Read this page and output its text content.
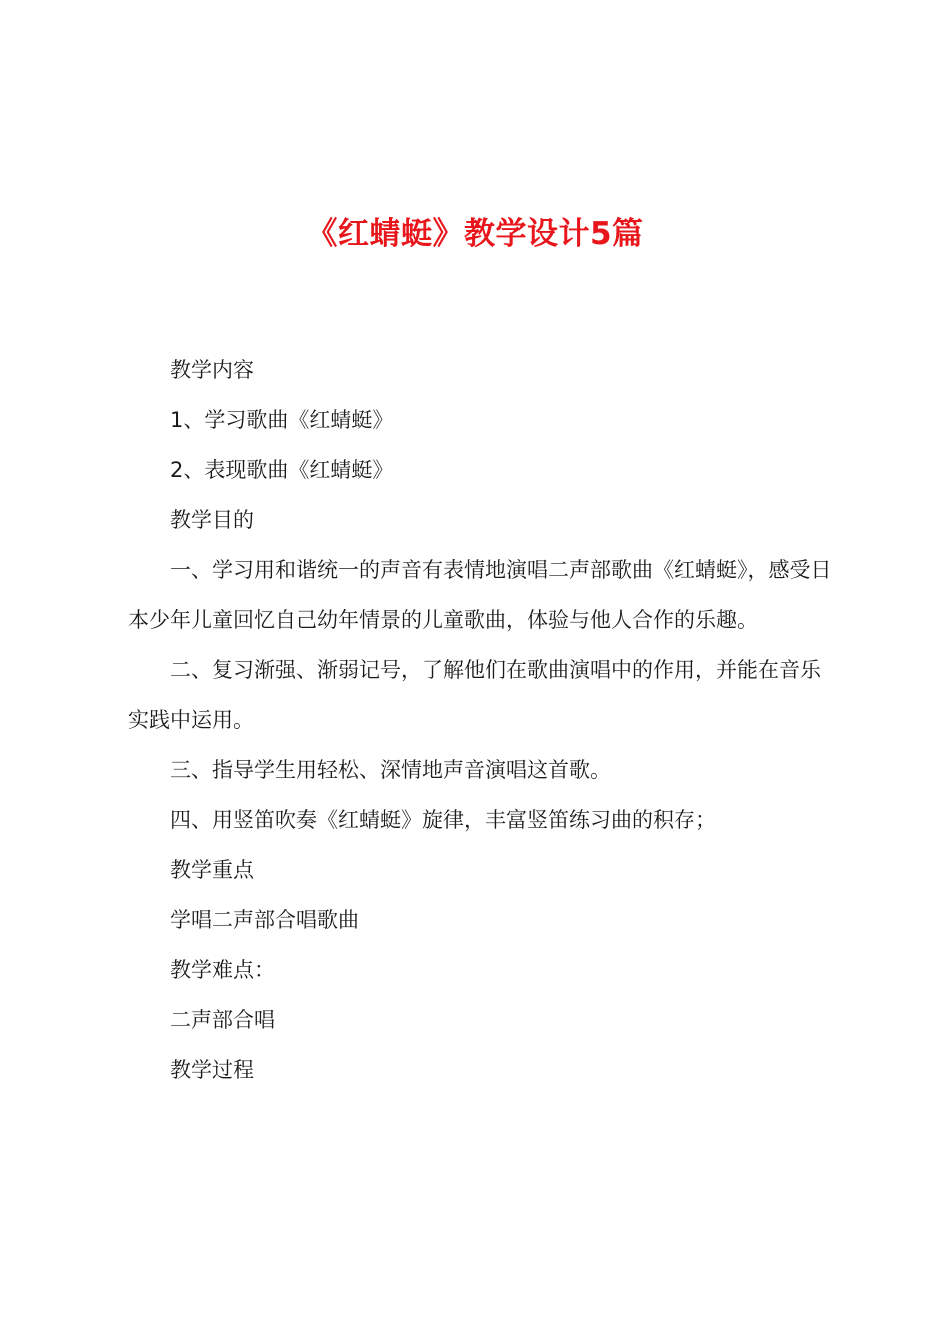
《红蜻蜓》教学设计5篇

教学内容

1、学习歌曲《红蜻蜓》

2、表现歌曲《红蜻蜓》

教学目的

一、学习用和谐统一的声音有表情地演唱二声部歌曲《红蜻蜓》，感受日本少年儿童回忆自己幼年情景的儿童歌曲，体验与他人合作的乐趣。

二、复习渐强、渐弱记号，了解他们在歌曲演唱中的作用，并能在音乐实践中运用。

三、指导学生用轻松、深情地声音演唱这首歌。

四、用竖笛吹奏《红蜻蜓》旋律，丰富竖笛练习曲的积存；

教学重点

学唱二声部合唱歌曲

教学难点：

二声部合唱

教学过程
